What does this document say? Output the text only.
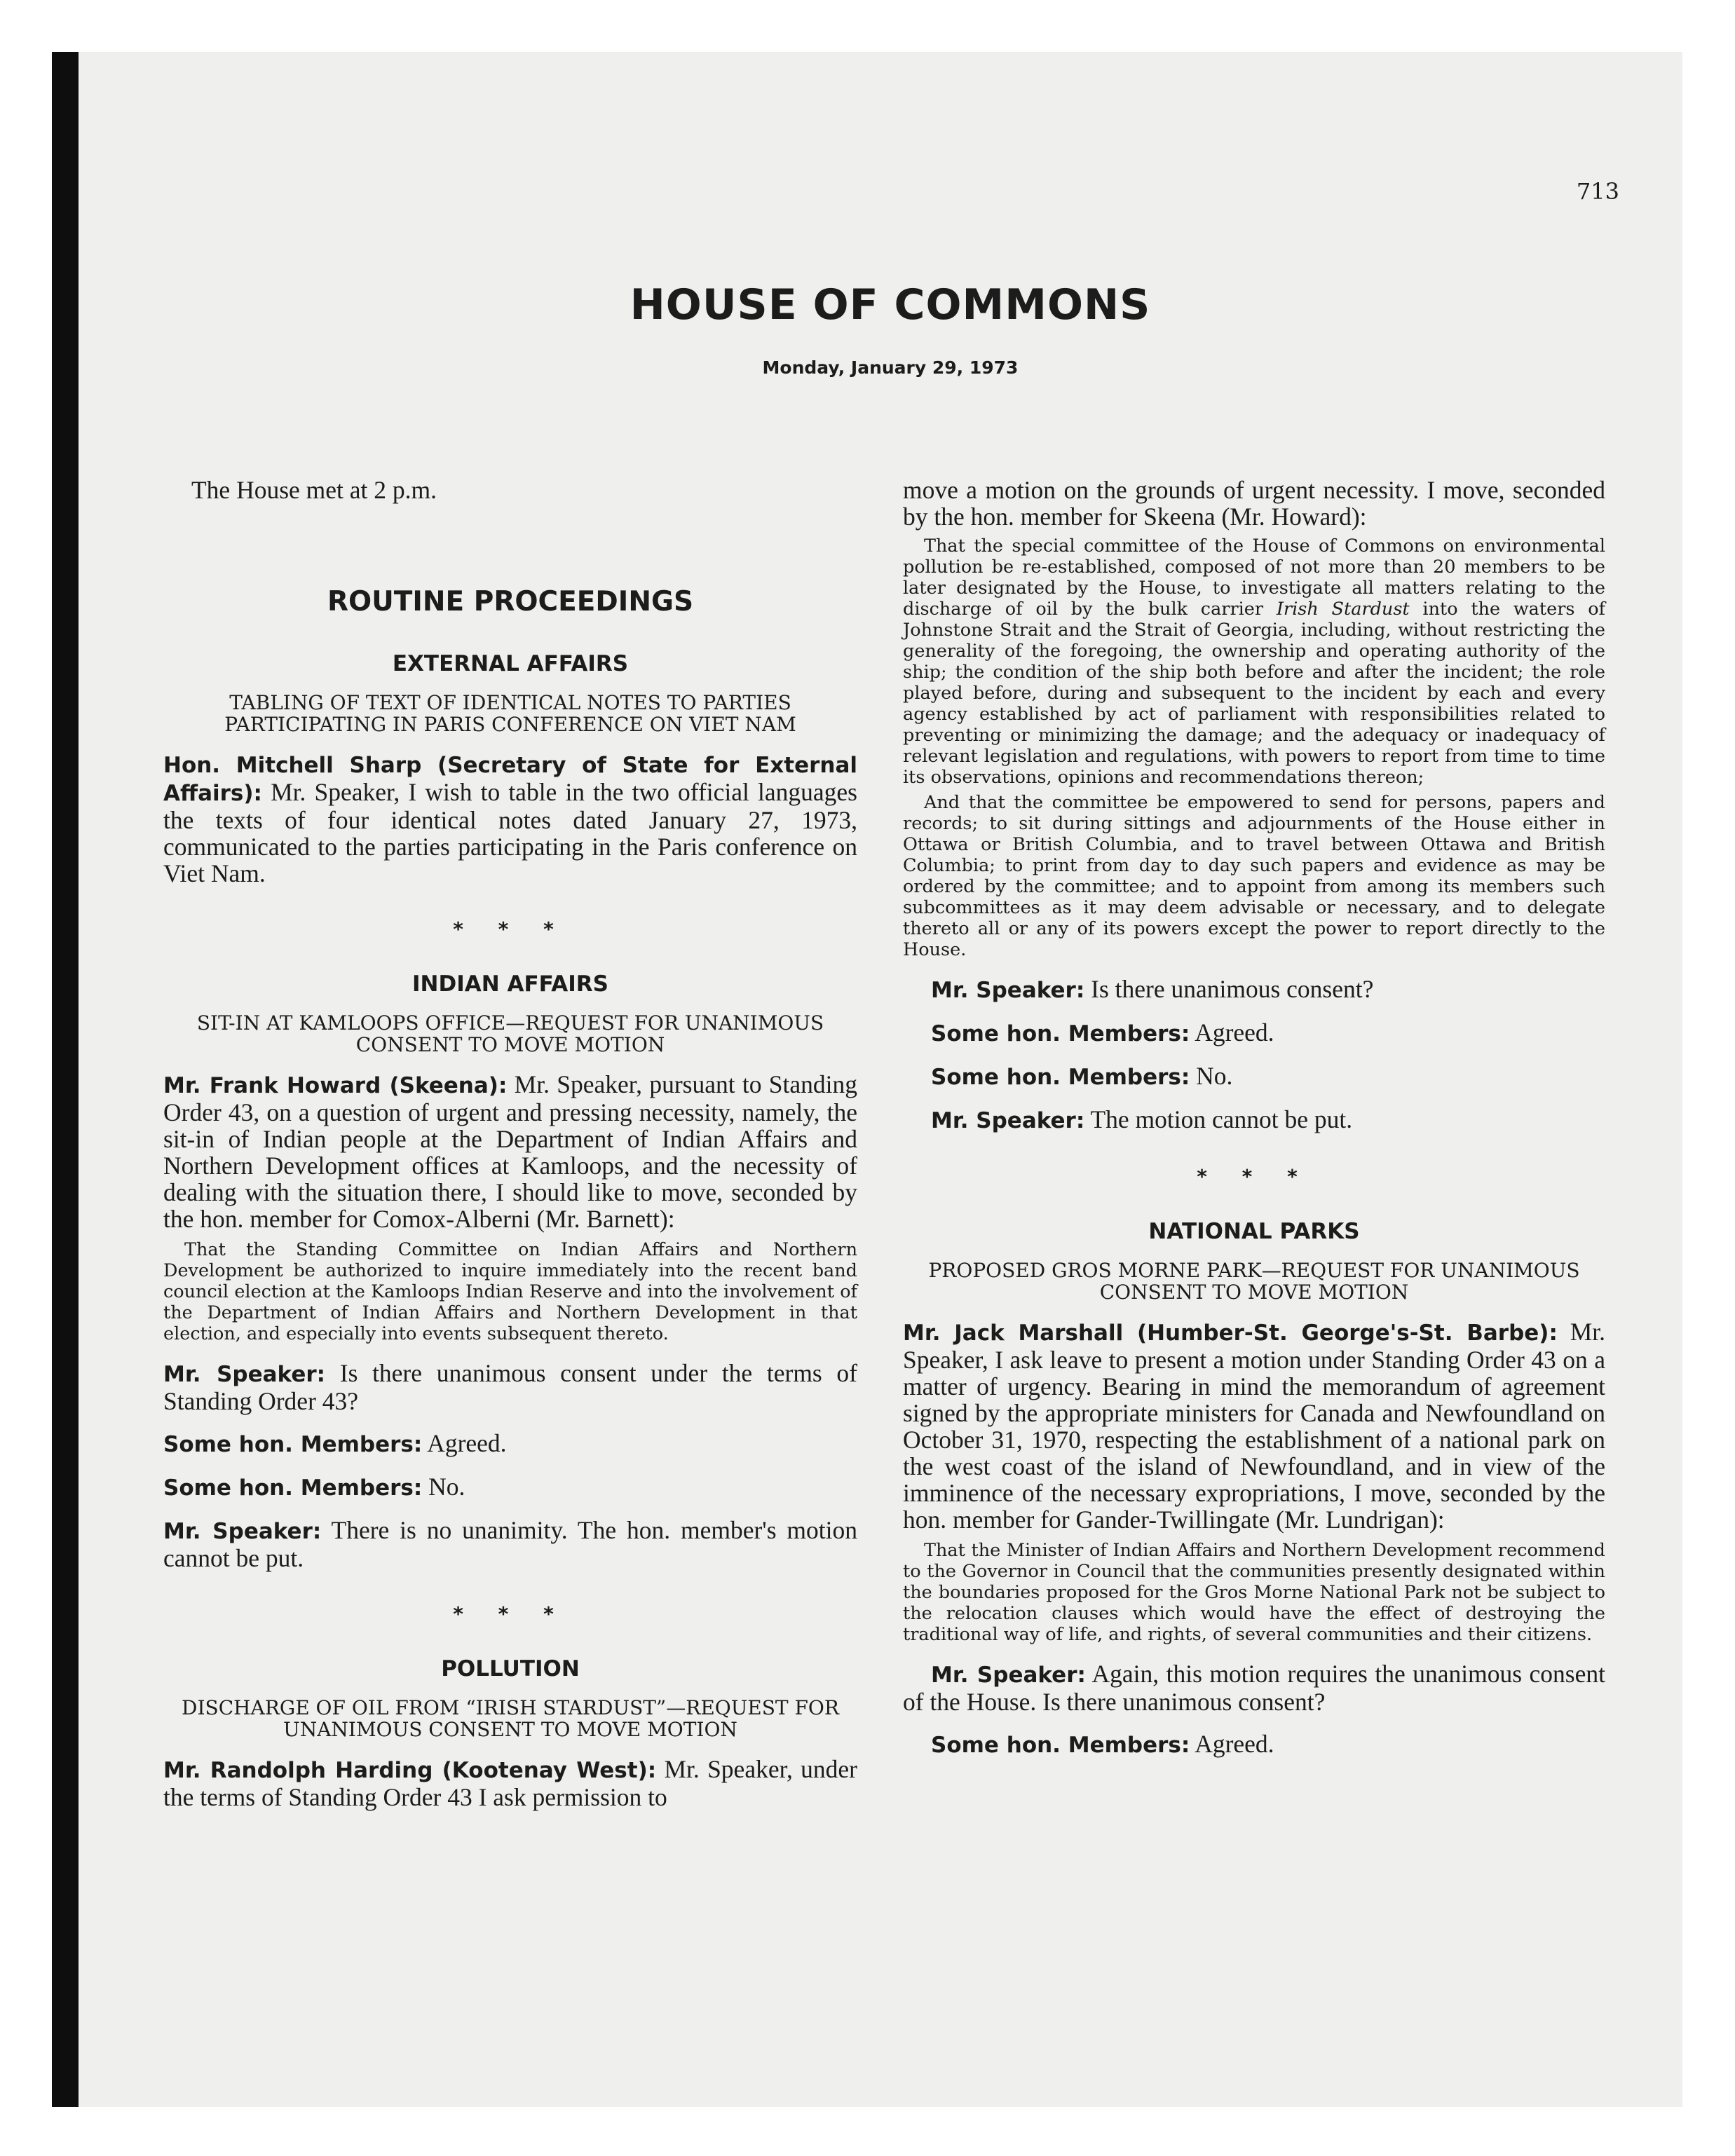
713
HOUSE OF COMMONS
Monday, January 29, 1973

The House met at 2 p.m.

ROUTINE PROCEEDINGS
EXTERNAL AFFAIRS
TABLING OF TEXT OF IDENTICAL NOTES TO PARTIES PARTICIPATING IN PARIS CONFERENCE ON VIET NAM

Hon. Mitchell Sharp (Secretary of State for External Affairs): Mr. Speaker, I wish to table in the two official languages the texts of four identical notes dated January 27, 1973, communicated to the parties participating in the Paris conference on Viet Nam.

* * *
INDIAN AFFAIRS
SIT-IN AT KAMLOOPS OFFICE—REQUEST FOR UNANIMOUS CONSENT TO MOVE MOTION

Mr. Frank Howard (Skeena): Mr. Speaker, pursuant to Standing Order 43, on a question of urgent and pressing necessity, namely, the sit-in of Indian people at the Department of Indian Affairs and Northern Development offices at Kamloops, and the necessity of dealing with the situation there, I should like to move, seconded by the hon. member for Comox-Alberni (Mr. Barnett):

That the Standing Committee on Indian Affairs and Northern Development be authorized to inquire immediately into the recent band council election at the Kamloops Indian Reserve and into the involvement of the Department of Indian Affairs and Northern Development in that election, and especially into events subsequent thereto.

Mr. Speaker: Is there unanimous consent under the terms of Standing Order 43?

Some hon. Members: Agreed.

Some hon. Members: No.

Mr. Speaker: There is no unanimity. The hon. member's motion cannot be put.

* * *
POLLUTION
DISCHARGE OF OIL FROM “IRISH STARDUST”—REQUEST FOR UNANIMOUS CONSENT TO MOVE MOTION

Mr. Randolph Harding (Kootenay West): Mr. Speaker, under the terms of Standing Order 43 I ask permission to

move a motion on the grounds of urgent necessity. I move, seconded by the hon. member for Skeena (Mr. Howard):

That the special committee of the House of Commons on environmental pollution be re-established, composed of not more than 20 members to be later designated by the House, to investigate all matters relating to the discharge of oil by the bulk carrier Irish Stardust into the waters of Johnstone Strait and the Strait of Georgia, including, without restricting the generality of the foregoing, the ownership and operating authority of the ship; the condition of the ship both before and after the incident; the role played before, during and subsequent to the incident by each and every agency established by act of parliament with responsibilities related to preventing or minimizing the damage; and the adequacy or inadequacy of relevant legislation and regulations, with powers to report from time to time its observations, opinions and recommendations thereon;

And that the committee be empowered to send for persons, papers and records; to sit during sittings and adjournments of the House either in Ottawa or British Columbia, and to travel between Ottawa and British Columbia; to print from day to day such papers and evidence as may be ordered by the committee; and to appoint from among its members such subcommittees as it may deem advisable or necessary, and to delegate thereto all or any of its powers except the power to report directly to the House.

Mr. Speaker: Is there unanimous consent?

Some hon. Members: Agreed.

Some hon. Members: No.

Mr. Speaker: The motion cannot be put.

* * *
NATIONAL PARKS
PROPOSED GROS MORNE PARK—REQUEST FOR UNANIMOUS CONSENT TO MOVE MOTION

Mr. Jack Marshall (Humber-St. George's-St. Barbe): Mr. Speaker, I ask leave to present a motion under Standing Order 43 on a matter of urgency. Bearing in mind the memorandum of agreement signed by the appropriate ministers for Canada and Newfoundland on October 31, 1970, respecting the establishment of a national park on the west coast of the island of Newfoundland, and in view of the imminence of the necessary expropriations, I move, seconded by the hon. member for Gander-Twillingate (Mr. Lundrigan):

That the Minister of Indian Affairs and Northern Development recommend to the Governor in Council that the communities presently designated within the boundaries proposed for the Gros Morne National Park not be subject to the relocation clauses which would have the effect of destroying the traditional way of life, and rights, of several communities and their citizens.

Mr. Speaker: Again, this motion requires the unanimous consent of the House. Is there unanimous consent?

Some hon. Members: Agreed.
